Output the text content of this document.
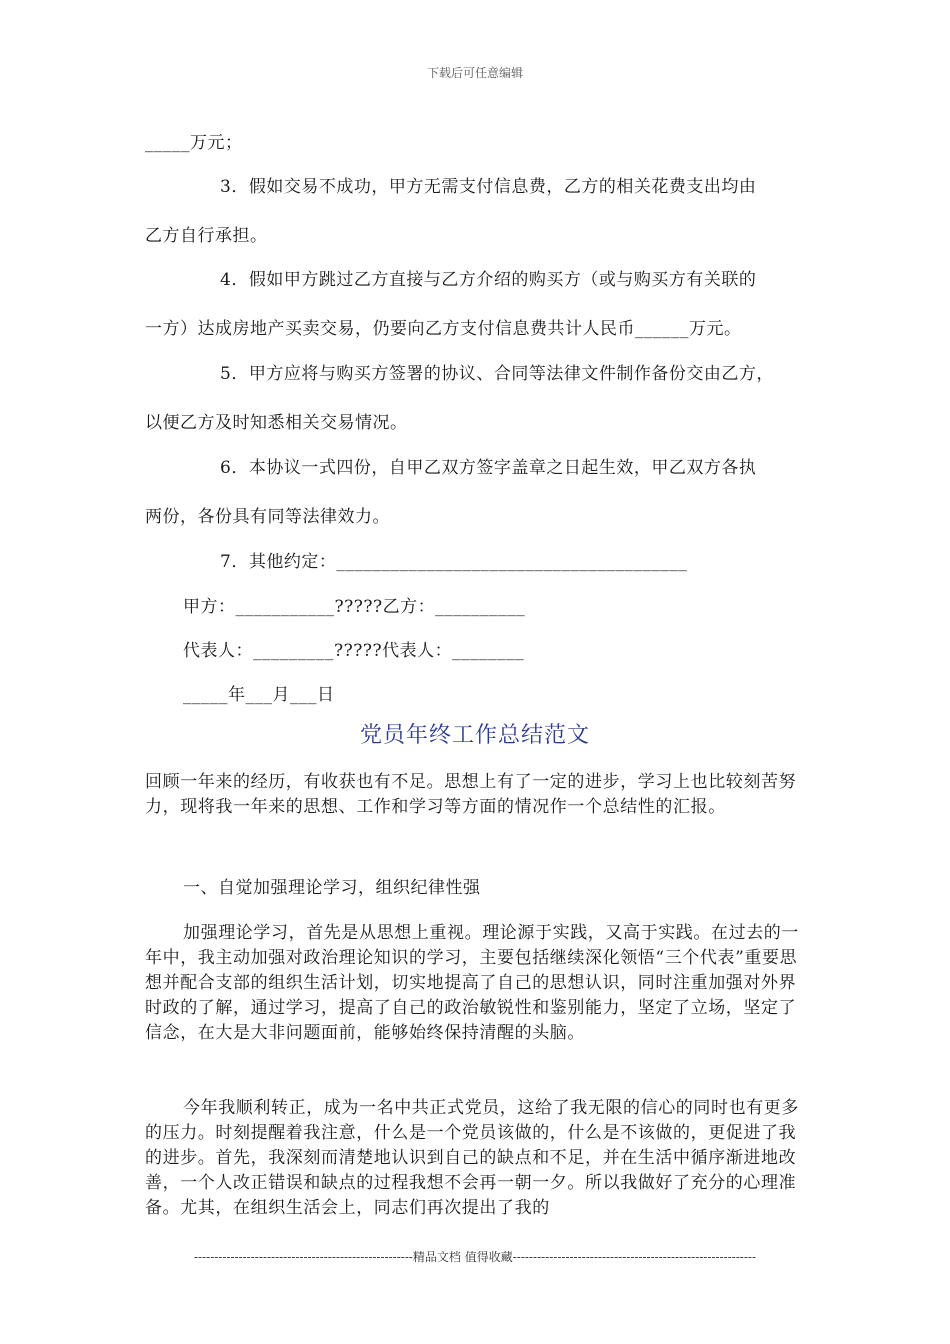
下载后可任意编辑
_____万元；
3．假如交易不成功，甲方无需支付信息费，乙方的相关花费支出均由
乙方自行承担。
4．假如甲方跳过乙方直接与乙方介绍的购买方（或与购买方有关联的
一方）达成房地产买卖交易，仍要向乙方支付信息费共计人民币______万元。
5．甲方应将与购买方签署的协议、合同等法律文件制作备份交由乙方，
以便乙方及时知悉相关交易情况。
6．本协议一式四份，自甲乙双方签字盖章之日起生效，甲乙双方各执
两份，各份具有同等法律效力。
7．其他约定：_______________________________________
甲方：___________?????乙方：__________
代表人：_________?????代表人：________
_____年___月___日
党员年终工作总结范文
回顾一年来的经历，有收获也有不足。思想上有了一定的进步，学习上也比较刻苦努力，现将我一年来的思想、工作和学习等方面的情况作一个总结性的汇报。
一、自觉加强理论学习，组织纪律性强
加强理论学习，首先是从思想上重视。理论源于实践，又高于实践。在过去的一年中，我主动加强对政治理论知识的学习，主要包括继续深化领悟“三个代表”重要思想并配合支部的组织生活计划，切实地提高了自己的思想认识，同时注重加强对外界时政的了解，通过学习，提高了自己的政治敏锐性和鉴别能力，坚定了立场，坚定了信念，在大是大非问题面前，能够始终保持清醒的头脑。
今年我顺利转正，成为一名中共正式党员，这给了我无限的信心的同时也有更多的压力。时刻提醒着我注意，什么是一个党员该做的，什么是不该做的，更促进了我的进步。首先，我深刻而清楚地认识到自己的缺点和不足，并在生活中循序渐进地改善，一个人改正错误和缺点的过程我想不会再一朝一夕。所以我做好了充分的心理准备。尤其，在组织生活会上，同志们再次提出了我的
------------------------------------------------------精品文档 值得收藏------------------------------------------------------------
